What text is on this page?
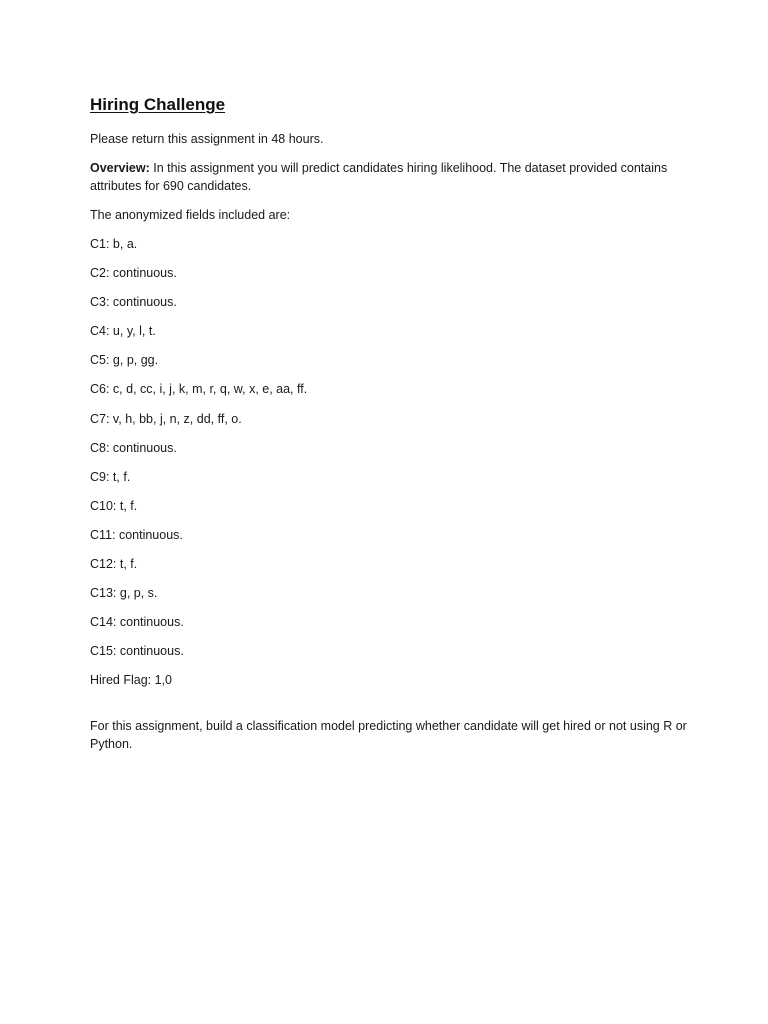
Hiring Challenge

Please return this assignment in 48 hours.

Overview: In this assignment you will predict candidates hiring likelihood. The dataset provided contains attributes for 690 candidates.

The anonymized fields included are:

C1: b, a.
C2: continuous.
C3: continuous.
C4: u, y, l, t.
C5: g, p, gg.
C6: c, d, cc, i, j, k, m, r, q, w, x, e, aa, ff.
C7: v, h, bb, j, n, z, dd, ff, o.
C8: continuous.
C9: t, f.
C10: t, f.
C11: continuous.
C12: t, f.
C13: g, p, s.
C14: continuous.
C15: continuous.
Hired Flag: 1,0

For this assignment, build a classification model predicting whether candidate will get hired or not using R or Python.
